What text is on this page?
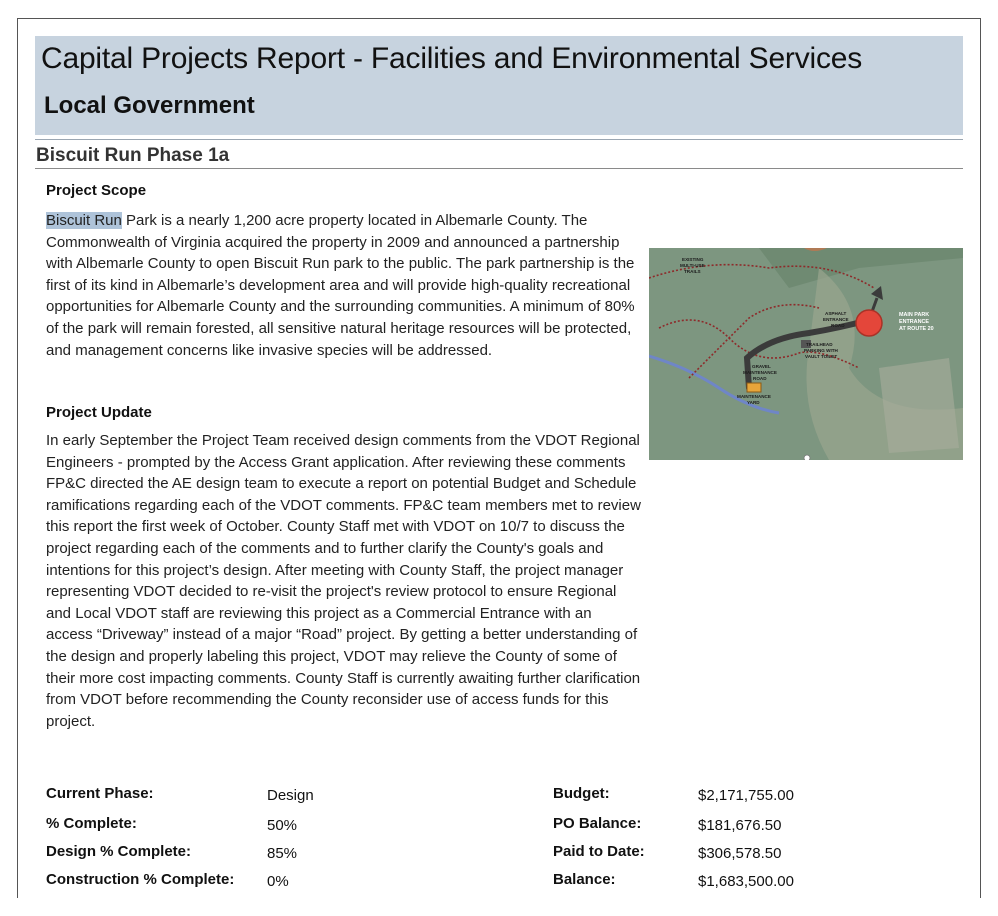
Capital Projects Report - Facilities and Environmental Services
Local Government
Biscuit Run Phase 1a
Project Scope
Biscuit Run Park is a nearly 1,200 acre property located in Albemarle County. The Commonwealth of Virginia acquired the property in 2009 and announced a partnership with Albemarle County to open Biscuit Run park to the public. The park partnership is the first of its kind in Albemarle’s development area and will provide high-quality recreational opportunities for Albemarle County and the surrounding communities. A minimum of 80% of the park will remain forested, all sensitive natural heritage resources will be protected, and management concerns like invasive species will be addressed.
Project Update
In early September the Project Team received design comments from the VDOT Regional Engineers - prompted by the Access Grant application. After reviewing these comments FP&C directed the AE design team to execute a report on potential Budget and Schedule ramifications regarding each of the VDOT comments. FP&C team members met to review this report the first week of October. County Staff met with VDOT on 10/7 to discuss the project regarding each of the comments and to further clarify the County's goals and intentions for this project’s design. After meeting with County Staff, the project manager representing VDOT decided to re-visit the project's review protocol to ensure Regional and Local VDOT staff are reviewing this project as a Commercial Entrance with an access “Driveway” instead of a major “Road” project. By getting a better understanding of the design and properly labeling this project, VDOT may relieve the County of some of their more cost impacting comments. County Staff is currently awaiting further clarification from VDOT before recommending the County reconsider use of access funds for this project.
EXISTING
MULTI-USE
TRAILS
ASPHALT
ENTRANCE
ROAD
TRAILHEAD
PARKING WITH
VAULT TOILET
GRAVEL
MAINTENANCE
ROAD
MAINTENANCE
YARD
MAIN PARK
ENTRANCE
AT ROUTE 20
Current Phase:	Design
% Complete:	50%
Design % Complete:	85%
Construction % Complete: 0%
Budget:	$2,171,755.00
PO Balance:	$181,676.50
Paid to Date:	$306,578.50
Balance:	$1,683,500.00
